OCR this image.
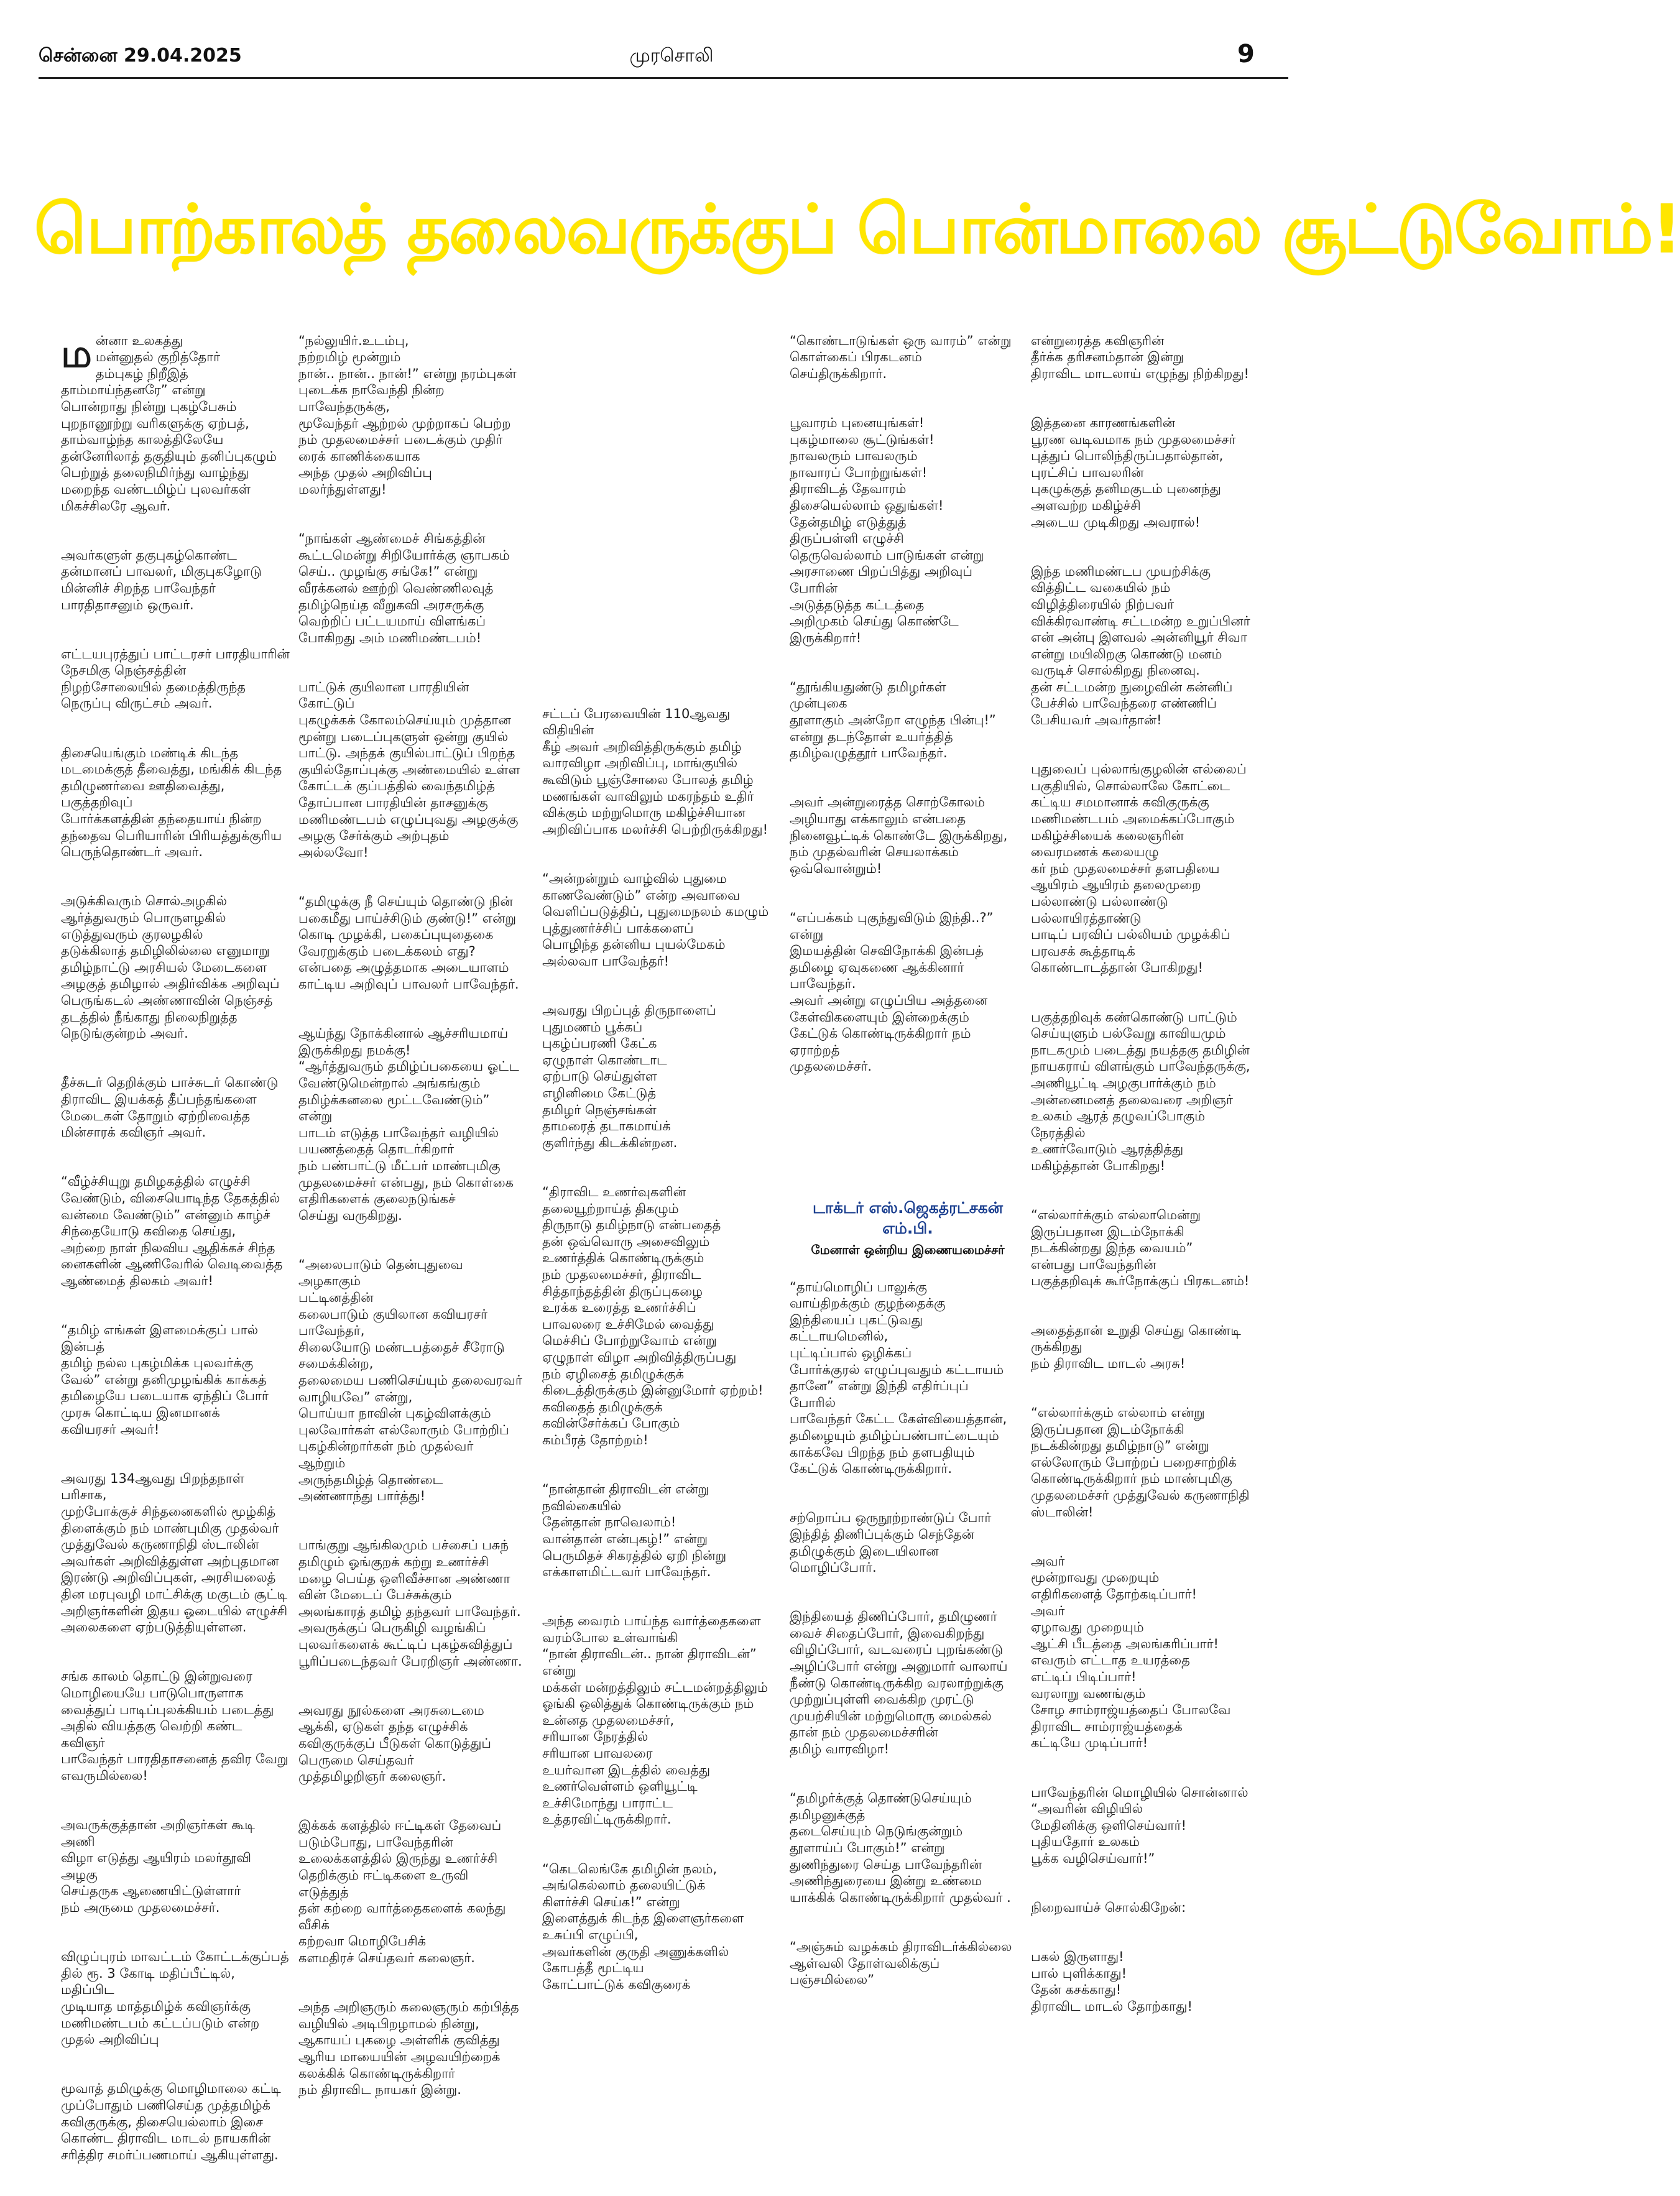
சென்னை 29.04.2025	முரசொலி	9
பொற்காலத் தலைவருக்குப் பொன்மாலை சூட்டுவோம்!

மன்னா உலகத்து
மன்னுதல் குறித்தோர்
தம்புகழ் நிறீஇத்
தாம்மாய்ந்தனரே” என்று
பொன்றாது நின்று புகழ்பேசும்
புறநானூற்று வரிகளுக்கு ஏற்பத்,
தாம்வாழ்ந்த காலத்திலேயே
தன்னேரிலாத் தகுதியும் தனிப்புகழும்
பெற்றுத் தலைநிமிர்ந்து வாழ்ந்து
மறைந்த வண்டமிழ்ப் புலவர்கள்
மிகச்சிலரே ஆவர்.

அவர்களுள் தகுபுகழ்கொண்ட
தன்மானப் பாவலர், மிகுபுகழோடு
மின்னிச் சிறந்த பாவேந்தர்
பாரதிதாசனும் ஒருவர்.

எட்டயபுரத்துப் பாட்டரசர் பாரதியாரின்
நேசமிகு நெஞ்சத்தின்
நிழற்சோலையில் தமைத்திருந்த
நெருப்பு விருட்சம் அவர்.

திசையெங்கும் மண்டிக் கிடந்த
மடமைக்குத் தீவைத்து, மங்கிக் கிடந்த
தமிழுணர்வை ஊதிவைத்து, பகுத்தறிவுப்
போர்க்களத்தின் தந்தையாய் நின்ற
தந்தைவ பெரியாரின் பிரியத்துக்குரிய
பெருந்தொண்டர் அவர்.

அடுக்கிவரும் சொல்அழகில்
ஆர்த்துவரும் பொருளழகில்
எடுத்துவரும் குரலழகில்
தடுக்கிலாத் தமிழிலில்லை எனுமாறு
தமிழ்நாட்டு அரசியல் மேடைகளை
அழகுத் தமிழால் அதிர்விக்க அறிவுப்
பெருங்கடல் அண்ணாவின் நெஞ்சத்
தடத்தில் நீங்காது நிலைநிறுத்த
நெடுங்குன்றம் அவர்.

தீச்சுடர் தெறிக்கும் பாச்சுடர் கொண்டு
திராவிட இயக்கத் தீப்பந்தங்களை
மேடைகள் தோறும் ஏற்றிவைத்த
மின்சாரக் கவிஞர் அவர்.

“வீழ்ச்சியுறு தமிழகத்தில் எழுச்சி
வேண்டும், விசையொடிந்த தேகத்தில்
வன்மை வேண்டும்” என்னும் காழ்ச்
சிந்தையோடு கவிதை செய்து,
அற்றை நாள் நிலவிய ஆதிக்கச் சிந்த
னைகளின் ஆணிவேரில் வெடிவைத்த
ஆண்மைத் திலகம் அவர்!

“தமிழ் எங்கள் இளமைக்குப் பால்
இன்பத்
தமிழ் நல்ல புகழ்மிக்க புலவர்க்கு
வேல்” என்று தனிமுழங்கிக் காக்கத்
தமிழையே படையாக ஏந்திப் போர்
முரசு கொட்டிய இனமானக்
கவியரசர் அவர்!

அவரது 134ஆவது பிறந்தநாள் பரிசாக,
முற்போக்குச் சிந்தனைகளில் மூழ்கித்
திளைக்கும் நம் மாண்புமிகு முதல்வர்
முத்துவேல் கருணாநிதி ஸ்டாலின்
அவர்கள் அறிவித்துள்ள அற்புதமான
இரண்டு அறிவிப்புகள், அரசியலைத்
தின மரபுவழி மாட்சிக்கு மகுடம் சூட்டி
அறிஞர்களின் இதய ஓடையில் எழுச்சி
அலைகளை ஏற்படுத்தியுள்ளன.

சங்க காலம் தொட்டு இன்றுவரை
மொழியையே பாடுபொருளாக
வைத்துப் பாடிப்புலக்கியம் படைத்து
அதில் வியத்தகு வெற்றி கண்ட கவிஞர்
பாவேந்தர் பாரதிதாசனைத் தவிர வேறு
எவருமில்லை!

அவருக்குத்தான் அறிஞர்கள் கூடி அணி
விழா எடுத்து ஆயிரம் மலர்தூவி அழகு
செய்தருக ஆணையிட்டுள்ளார்
நம் அருமை முதலமைச்சர்.

விழுப்புரம் மாவட்டம் கோட்டக்குப்பத்
தில் ரூ. 3 கோடி மதிப்பீட்டில், மதிப்பிட
முடியாத மாத்தமிழ்க் கவிஞர்க்கு
மணிமண்டபம் கட்டப்படும் என்ற
முதல் அறிவிப்பு

மூவாத் தமிழுக்கு மொழிமாலை கட்டி
முப்போதும் பணிசெய்த முத்தமிழ்க்
கவிகுருக்கு, திசையெல்லாம் இசை
கொண்ட திராவிட மாடல் நாயகரின்
சரித்திர சமர்ப்பணமாய் ஆகியுள்ளது.

“நல்லுயிர்.உடம்பு,
நற்றமிழ் மூன்றும்
நான்.. நான்.. நான்!” என்று நரம்புகள்
புடைக்க நாவேந்தி நின்ற பாவேந்தருக்கு,
மூவேந்தர் ஆற்றல் முற்றாகப் பெற்ற
நம் முதலமைச்சர் படைக்கும் முதிர்
ரைக் காணிக்கையாக
அந்த முதல் அறிவிப்பு மலர்ந்துள்ளது!

“நாங்கள் ஆண்மைச் சிங்கத்தின்
கூட்டமென்று சிறியோர்க்கு ஞாபகம்
செய்.. முழங்கு சங்கே!” என்று
வீரக்கனல் ஊற்றி வெண்ணிலவுத்
தமிழ்நெய்த வீறுகவி அரசருக்கு
வெற்றிப் பட்டயமாய் விளங்கப்
போகிறது அம் மணிமண்டபம்!

பாட்டுக் குயிலான பாரதியின் கோட்டுப்
புகழுக்கக் கோலம்செய்யும் முத்தான
மூன்று படைப்புகளுள் ஒன்று குயில்
பாட்டு. அந்தக் குயில்பாட்டுப் பிறந்த
குயில்தோப்புக்கு அண்மையில் உள்ள
கோட்டக் குப்பத்தில் வைந்தமிழ்த்
தோப்பான பாரதியின் தாசனுக்கு
மணிமண்டபம் எழுப்புவது அழகுக்கு
அழகு சேர்க்கும் அற்புதம் அல்லவோ!

“தமிழுக்கு நீ செய்யும் தொண்டு நின்
பகைமீது பாய்ச்சிடும் குண்டு!” என்று
கொடி முழக்கி, பகைப்புயுதைகை
வேரறுக்கும் படைக்கலம் எது?
என்பதை அழுத்தமாக அடையாளம்
காட்டிய அறிவுப் பாவலர் பாவேந்தர்.

ஆய்ந்து நோக்கினால் ஆச்சரியமாய்
இருக்கிறது நமக்கு!
“ஆர்த்துவரும் தமிழ்ப்பகையை ஓட்ட
வேண்டுமென்றால் அங்கங்கும்
தமிழ்க்கனலை மூட்டவேண்டும்”
என்று
பாடம் எடுத்த பாவேந்தர் வழியில்
பயணத்தைத் தொடர்கிறார்
நம் பண்பாட்டு மீட்பர் மாண்புமிகு
முதலமைச்சர் என்பது, நம் கொள்கை
எதிரிகளைக் குலைநடுங்கச்
செய்து வருகிறது.

“அலைபாடும் தென்புதுவை அழகாகும்
பட்டினத்தின்
கலைபாடும் குயிலான கவியரசர்
பாவேந்தர்,
சிலையோடு மண்டபத்தைச் சீரோடு
சமைக்கின்ற,
தலைமைய பணிசெய்யும் தலைவரவர்
வாழியவே” என்று,
பொய்யா நாவின் புகழ்விளக்கும்
புலவோர்கள் எல்லோரும் போற்றிப்
புகழ்கின்றார்கள் நம் முதல்வர் ஆற்றும்
அருந்தமிழ்த் தொண்டை
அண்ணாந்து பார்த்து!

பாங்குறு ஆங்கிலமும் பச்சைப் பசுந்
தமிழும் ஓங்குறக் கற்று உணர்ச்சி
மழை பெய்த ஒளிவீச்சான அண்ணா
வின் மேடைப் பேச்சுக்கும்
அலங்காரத் தமிழ் தந்தவர் பாவேந்தர்.
அவருக்குப் பெருகிழி வழங்கிப்
புலவர்களைக் கூட்டிப் புகழ்சுவித்துப்
பூரிப்படைந்தவர் பேரறிஞர் அண்ணா.

அவரது நூல்களை அரசுடைமை
ஆக்கி, ஏடுகள் தந்த எழுச்சிக்
கவிகுருக்குப் பீடுகள் கொடுத்துப்
பெருமை செய்தவர்
முத்தமிழறிஞர் கலைஞர்.

இக்கக் களத்தில் ஈட்டிகள் தேவைப்
படும்போது, பாவேந்தரின்
உலைக்களத்தில் இருந்து உணர்ச்சி
தெறிக்கும் ஈட்டிகளை உருவி எடுத்துத்
தன் கற்றை வார்த்தைகளைக் கலந்து வீசிக்
கற்றவா மொழிபேசிக்
களமதிரச் செய்தவர் கலைஞர்.

அந்த அறிஞரும் கலைஞரும் கற்பித்த
வழியில் அடிபிறழாமல் நின்று,
ஆகாயப் புகழை அள்ளிக் குவித்து
ஆரிய மாயையின் அழவயிற்றைக்
கலக்கிக் கொண்டிருக்கிறார்
நம் திராவிட நாயகர் இன்று.

சட்டப் பேரவையின் 110ஆவது விதியின்
கீழ் அவர் அறிவித்திருக்கும் தமிழ்
வாரவிழா அறிவிப்பு, மாங்குயில்
கூவிடும் பூஞ்சோலை போலத் தமிழ்
மணங்கள் வாவிலும் மகரந்தம் உதிர்
விக்கும் மற்றுமொரு மகிழ்ச்சியான
அறிவிப்பாக மலர்ச்சி பெற்றிருக்கிறது!

“அன்றன்றும் வாழ்வில் புதுமை
காணவேண்டும்” என்ற அவாவை
வெளிப்படுத்திப், புதுமைநலம் கமழும்
புத்துணர்ச்சிப் பாக்களைப்
பொழிந்த தன்னிய புயல்மேகம்
அல்லவா பாவேந்தர்!

அவரது பிறப்புத் திருநாளைப்
புதுமணம் பூக்கப்
புகழ்ப்பரணி கேட்க
ஏழுநாள் கொண்டாட
ஏற்பாடு செய்துள்ள
எழினிமை கேட்டுத்
தமிழர் நெஞ்சங்கள்
தாமரைத் தடாகமாய்க்
குளிர்ந்து கிடக்கின்றன.

“திராவிட உணர்வுகளின்
தலையூற்றாய்த் திகழும்
திருநாடு தமிழ்நாடு என்பதைத்
தன் ஒவ்வொரு அசைவிலும்
உணர்த்திக் கொண்டிருக்கும்
நம் முதலமைச்சர், திராவிட
சித்தாந்தத்தின் திருப்புகழை
உரக்க உரைத்த உணர்ச்சிப்
பாவலரை உச்சிமேல் வைத்து
மெச்சிப் போற்றுவோம் என்று
ஏழுநாள் விழா அறிவித்திருப்பது
நம் ஏழிசைத் தமிழுக்குக்
கிடைத்திருக்கும் இன்னுமோர் ஏற்றம்!
கவிதைத் தமிழுக்குக்
கவின்சேர்க்கப் போகும்
கம்பீரத் தோற்றம்!

“நான்தான் திராவிடன் என்று
நவில்கையில்
தேன்தான் நாவெலாம்!
வான்தான் என்புகழ்!” என்று
பெருமிதச் சிகரத்தில் ஏறி நின்று
எக்காளமிட்டவர் பாவேந்தர்.

அந்த வைரம் பாய்ந்த வார்த்தைகளை
வரம்போல உள்வாங்கி
“நான் திராவிடன்.. நான் திராவிடன்”
என்று
மக்கள் மன்றத்திலும் சட்டமன்றத்திலும்
ஓங்கி ஒலித்துக் கொண்டிருக்கும் நம்
உன்னத முதலமைச்சர்,
சரியான நேரத்தில்
சரியான பாவலரை
உயர்வான இடத்தில் வைத்து
உணர்வெள்ளம் ஒளியூட்டி
உச்சிமோந்து பாராட்ட
உத்தரவிட்டிருக்கிறார்.

“கெடலெங்கே தமிழின் நலம்,
அங்கெல்லாம் தலையிட்டுக்
கிளர்ச்சி செய்க!” என்று
இளைத்துக் கிடந்த இளைஞர்களை
உசுப்பி எழுப்பி,
அவர்களின் குருதி அணுக்களில்
கோபத்தீ மூட்டிய
கோட்பாட்டுக் கவிகுரைக்

“கொண்டாடுங்கள் ஒரு வாரம்” என்று
கொள்கைப் பிரகடனம் செய்திருக்கிறார்.

பூவாரம் புனையுங்கள்!
புகழ்மாலை சூட்டுங்கள்!
நாவலரும் பாவலரும்
நாவாரப் போற்றுங்கள்!
திராவிடத் தேவாரம்
திசையெல்லாம் ஒதுங்கள்!
தேன்தமிழ் எடுத்துத்
திருப்பள்ளி எழுச்சி
தெருவெல்லாம் பாடுங்கள் என்று
அரசாணை பிறப்பித்து அறிவுப் போரின்
அடுத்தடுத்த கட்டத்தை
அறிமுகம் செய்து கொண்டே
இருக்கிறார்!

“தூங்கியதுண்டு தமிழர்கள்
முன்புகை
தூளாகும் அன்றோ எழுந்த பின்பு!”
என்று தடந்தோள் உயர்த்தித்
தமிழ்வழுத்தூர் பாவேந்தர்.

அவர் அன்றுரைத்த சொற்கோலம்
அழியாது எக்காலும் என்பதை
நினைவூட்டிக் கொண்டே இருக்கிறது,
நம் முதல்வரின் செயலாக்கம்
ஒவ்வொன்றும்!

“எப்பக்கம் புகுந்துவிடும் இந்தி..?” என்று
இமயத்தின் செவிநோக்கி இன்பத்
தமிழை ஏவுகணை ஆக்கினார்
பாவேந்தர்.
அவர் அன்று எழுப்பிய அத்தனை
கேள்விகளையும் இன்றைக்கும்
கேட்டுக் கொண்டிருக்கிறார் நம்
ஏராற்றத்
முதலமைச்சர்.

டாக்டர் எஸ்.ஜெகத்ரட்சகன் எம்.பி.
மேனாள் ஒன்றிய இணையமைச்சர்

“தாய்மொழிப் பாலுக்கு
வாய்திறக்கும் குழந்தைக்கு
இந்தியைப் புகட்டுவது கட்டாயமெனில்,
புட்டிப்பால் ஒழிக்கப்
போர்க்குரல் எழுப்புவதும் கட்டாயம்
தானே” என்று இந்தி எதிர்ப்புப் போரில்
பாவேந்தர் கேட்ட கேள்வியைத்தான்,
தமிழையும் தமிழ்ப்பண்பாட்டையும்
காக்கவே பிறந்த நம் தளபதியும்
கேட்டுக் கொண்டிருக்கிறார்.

சற்றொப்ப ஒருநூற்றாண்டுப் போர்
இந்தித் திணிப்புக்கும் செந்தேன்
தமிழுக்கும் இடையிலான
மொழிப்போர்.

இந்தியைத் திணிப்போர், தமிழுணர்
வைச் சிதைப்போர், இவைகிறந்து
விழிப்போர், வடவரைப் புறங்கண்டு
அழிப்போர் என்று அனுமார் வாலாய்
நீண்டு கொண்டிருக்கிற வரலாற்றுக்கு
முற்றுப்புள்ளி வைக்கிற முரட்டு
முயற்சியின் மற்றுமொரு மைல்கல்
தான் நம் முதலமைச்சரின்
தமிழ் வாரவிழா!

“தமிழர்க்குத் தொண்டுசெய்யும்
தமிழனுக்குத்
தடைசெய்யும் நெடுங்குன்றும்
தூளாய்ப் போகும்!” என்று
துணிந்துரை செய்த பாவேந்தரின்
அணிந்துரையை இன்று உண்மை
யாக்கிக் கொண்டிருக்கிறார் முதல்வர் .

“அஞ்சும் வழக்கம் திராவிடர்க்கில்லை
ஆள்வலி தோள்வலிக்குப்
பஞ்சமில்லை”

என்றுரைத்த கவிஞரின்
தீர்க்க தரிசனம்தான் இன்று
திராவிட மாடலாய் எழுந்து நிற்கிறது!

இத்தனை காரணங்களின்
பூரண வடிவமாக நம் முதலமைச்சர்
புத்துப் பொலிந்திருப்பதால்தான்,
புரட்சிப் பாவலரின்
புகழுக்குத் தனிமகுடம் புனைந்து
அளவற்ற மகிழ்ச்சி
அடைய முடிகிறது அவரால்!

இந்த மணிமண்டப முயற்சிக்கு
வித்திட்ட வகையில் நம்
விழித்திரையில் நிற்பவர்
விக்கிரவாண்டி சட்டமன்ற உறுப்பினர்
என் அன்பு இளவல் அன்னியூர் சிவா
என்று மயிலிறகு கொண்டு மனம்
வருடிச் சொல்கிறது நினைவு.
தன் சட்டமன்ற நுழைவின் கன்னிப்
பேச்சில் பாவேந்தரை எண்ணிப்
பேசியவர் அவர்தான்!

புதுவைப் புல்லாங்குழலின் எல்லைப்
பகுதியில், சொல்லாலே கோட்டை
கட்டிய சமமானாக் கவிகுருக்கு
மணிமண்டபம் அமைக்கப்போகும்
மகிழ்ச்சியைக் கலைஞரின் வைரமணக் கலையழு
கர் நம் முதலமைச்சர் தளபதியை
ஆயிரம் ஆயிரம் தலைமுறை
பல்லாண்டு பல்லாண்டு
பல்லாயிரத்தாண்டு
பாடிப் பரவிப் பல்லியம் முழக்கிப்
பரவசக் கூத்தாடிக்
கொண்டாடத்தான் போகிறது!

பகுத்தறிவுக் கண்கொண்டு பாட்டும்
செய்யுளும் பல்வேறு காவியமும்
நாடகமும் படைத்து நயத்தகு தமிழின்
நாயகராய் விளங்கும் பாவேந்தருக்கு,
அணியூட்டி அழகுபார்க்கும் நம்
அன்னைமனத் தலைவரை அறிஞர்
உலகம் ஆரத் தழுவப்போகும் நேரத்தில்
உணர்வோடும் ஆரத்தித்து
மகிழ்த்தான் போகிறது!

“எல்லார்க்கும் எல்லாமென்று
இருப்பதான இடம்நோக்கி
நடக்கின்றது இந்த வையம்”
என்பது பாவேந்தரின்
பகுத்தறிவுக் கூர்நோக்குப் பிரகடனம்!

அதைத்தான் உறுதி செய்து கொண்டி
ருக்கிறது
நம் திராவிட மாடல் அரசு!

“எல்லார்க்கும் எல்லாம் என்று
இருப்பதான இடம்நோக்கி
நடக்கின்றது தமிழ்நாடு” என்று
எல்லோரும் போற்றப் பறைசாற்றிக்
கொண்டிருக்கிறார் நம் மாண்புமிகு
முதலமைச்சர் முத்துவேல் கருணாநிதி
ஸ்டாலின்!

அவர்
மூன்றாவது முறையும்
எதிரிகளைத் தோற்கடிப்பார்!
அவர்
ஏழாவது முறையும்
ஆட்சி பீடத்தை அலங்கரிப்பார்!
எவரும் எட்டாத உயரத்தை
எட்டிப் பிடிப்பார்!
வரலாறு வணங்கும்
சோழ சாம்ராஜ்யத்தைப் போலவே
திராவிட சாம்ராஜ்யத்தைக்
கட்டியே முடிப்பார்!

பாவேந்தரின் மொழியில் சொன்னால்
“அவரின் விழியில்
மேதினிக்கு ஒளிசெய்வார்!
புதியதோர் உலகம்
பூக்க வழிசெய்வார்!”

நிறைவாய்ச் சொல்கிறேன்:

பகல் இருளாது!
பால் புளிக்காது!
தேன் கசக்காது!
திராவிட மாடல் தோற்காது!
